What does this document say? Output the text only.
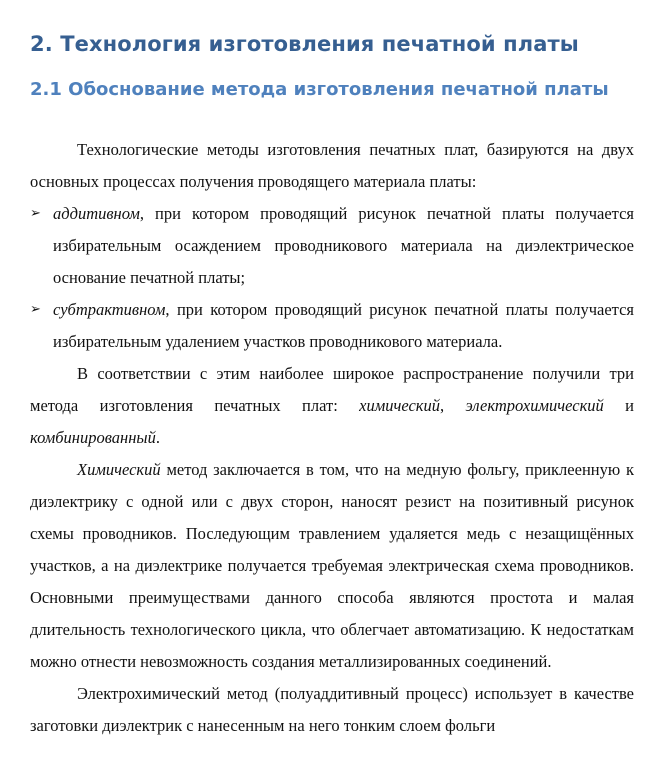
2. Технология изготовления печатной платы
2.1 Обоснование метода изготовления печатной платы

Технологические методы изготовления печатных плат, базируются на двух основных процессах получения проводящего материала платы:

➢ аддитивном, при котором проводящий рисунок печатной платы получается избирательным осаждением проводникового материала на диэлектрическое основание печатной платы;

➢ субтрактивном, при котором проводящий рисунок печатной платы получается избирательным удалением участков проводникового материала.

В соответствии с этим наиболее широкое распространение получили три метода изготовления печатных плат: химический, электрохимический и комбинированный.

Химический метод заключается в том, что на медную фольгу, приклеенную к диэлектрику с одной или с двух сторон, наносят резист на позитивный рисунок схемы проводников. Последующим травлением удаляется медь с незащищённых участков, а на диэлектрике получается требуемая электрическая схема проводников. Основными преимуществами данного способа являются простота и малая длительность технологического цикла, что облегчает автоматизацию. К недостаткам можно отнести невозможность создания металлизированных соединений.

Электрохимический метод (полуаддитивный процесс) использует в качестве заготовки диэлектрик с нанесенным на него тонким слоем фольги
